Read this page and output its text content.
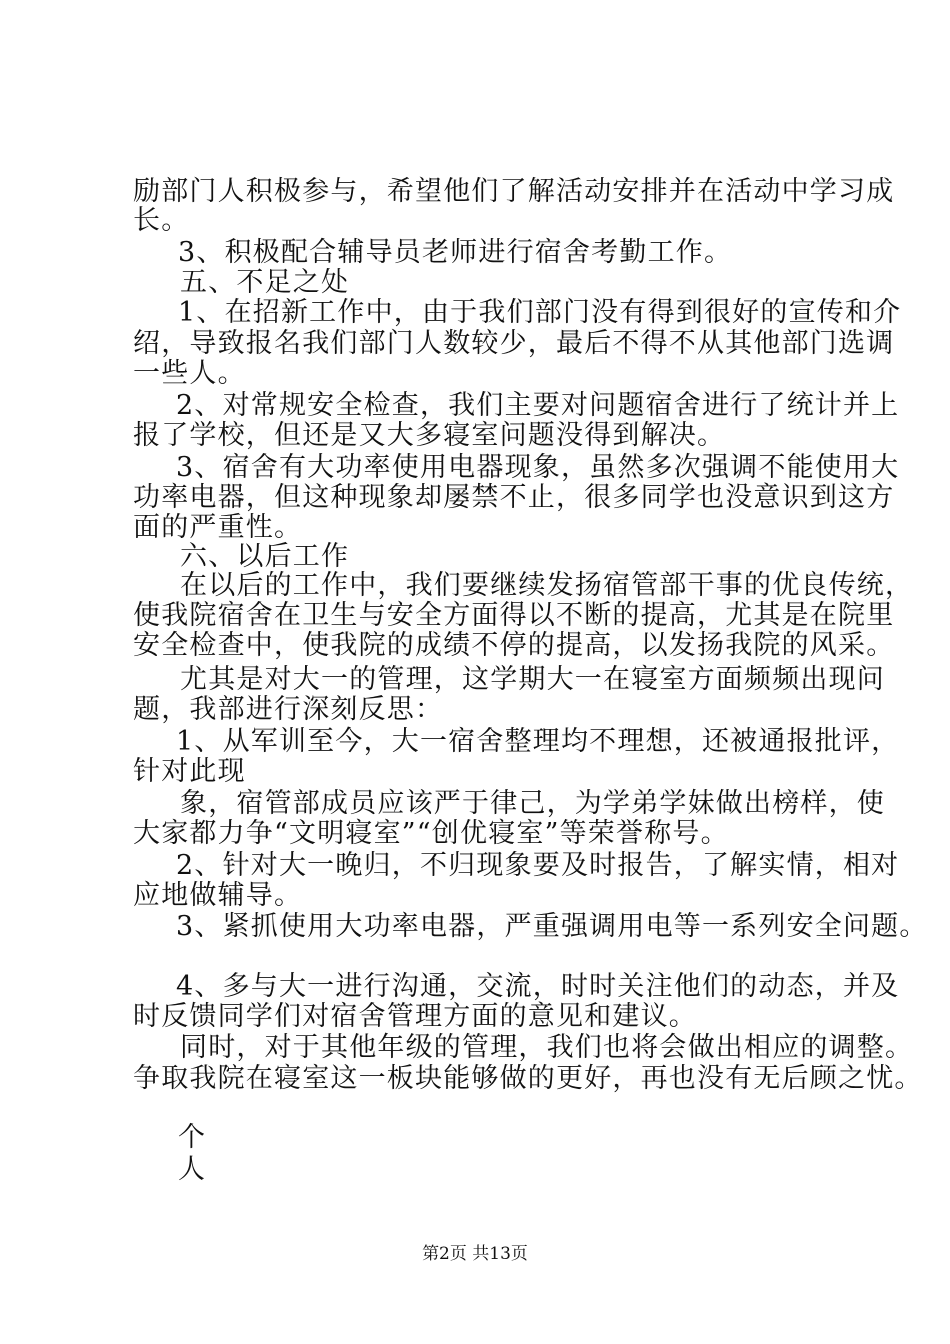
励部门人积极参与，希望他们了解活动安排并在活动中学习成
长。
3、积极配合辅导员老师进行宿舍考勤工作。
五、不足之处
1、在招新工作中，由于我们部门没有得到很好的宣传和介
绍，导致报名我们部门人数较少，最后不得不从其他部门选调
一些人。
2、对常规安全检查，我们主要对问题宿舍进行了统计并上
报了学校，但还是又大多寝室问题没得到解决。
3、宿舍有大功率使用电器现象，虽然多次强调不能使用大
功率电器，但这种现象却屡禁不止，很多同学也没意识到这方
面的严重性。
六、以后工作
在以后的工作中，我们要继续发扬宿管部干事的优良传统，
使我院宿舍在卫生与安全方面得以不断的提高，尤其是在院里
安全检查中，使我院的成绩不停的提高，以发扬我院的风采。
尤其是对大一的管理，这学期大一在寝室方面频频出现问
题，我部进行深刻反思：
1、从军训至今，大一宿舍整理均不理想，还被通报批评，
针对此现
象，宿管部成员应该严于律己，为学弟学妹做出榜样，使
大家都力争“文明寝室”“创优寝室”等荣誉称号。
2、针对大一晚归，不归现象要及时报告，了解实情，相对
应地做辅导。
3、紧抓使用大功率电器，严重强调用电等一系列安全问题。
4、多与大一进行沟通，交流，时时关注他们的动态，并及
时反馈同学们对宿舍管理方面的意见和建议。
同时，对于其他年级的管理，我们也将会做出相应的调整。
争取我院在寝室这一板块能够做的更好，再也没有无后顾之忧。
个
人
第2页 共13页
